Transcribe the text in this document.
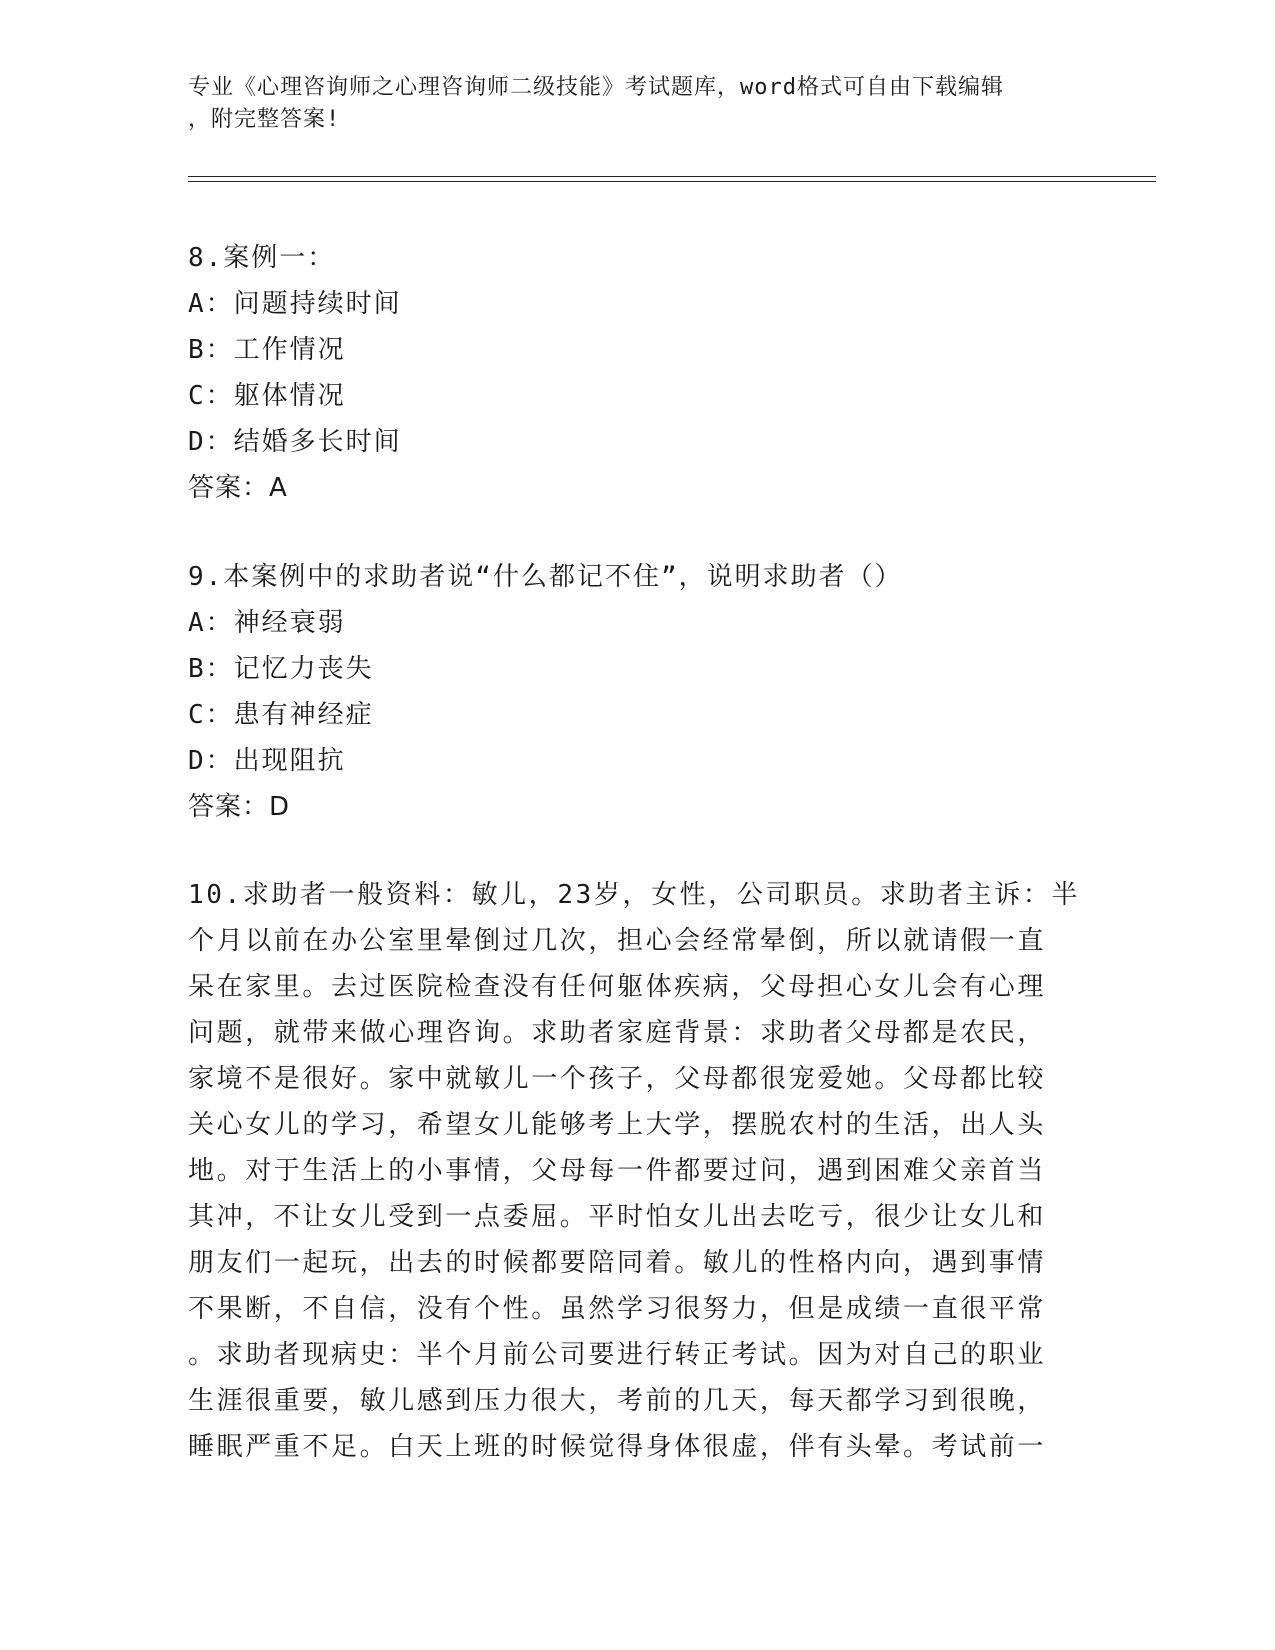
专业《心理咨询师之心理咨询师二级技能》考试题库，word格式可自由下载编辑

，附完整答案!

8.案例一：
A：问题持续时间
B：工作情况
C：躯体情况
D：结婚多长时间
答案：A
9.本案例中的求助者说“什么都记不住”，说明求助者（）
A：神经衰弱
B：记忆力丧失
C：患有神经症
D：出现阻抗
答案：D
10.求助者一般资料：敏儿，23岁，女性，公司职员。求助者主诉：半
个月以前在办公室里晕倒过几次，担心会经常晕倒，所以就请假一直
呆在家里。去过医院检查没有任何躯体疾病，父母担心女儿会有心理
问题，就带来做心理咨询。求助者家庭背景：求助者父母都是农民，
家境不是很好。家中就敏儿一个孩子，父母都很宠爱她。父母都比较
关心女儿的学习，希望女儿能够考上大学，摆脱农村的生活，出人头
地。对于生活上的小事情，父母每一件都要过问，遇到困难父亲首当
其冲，不让女儿受到一点委屈。平时怕女儿出去吃亏，很少让女儿和
朋友们一起玩，出去的时候都要陪同着。敏儿的性格内向，遇到事情
不果断，不自信，没有个性。虽然学习很努力，但是成绩一直很平常
。求助者现病史：半个月前公司要进行转正考试。因为对自己的职业
生涯很重要，敏儿感到压力很大，考前的几天，每天都学习到很晚，
睡眠严重不足。白天上班的时候觉得身体很虚，伴有头晕。考试前一
